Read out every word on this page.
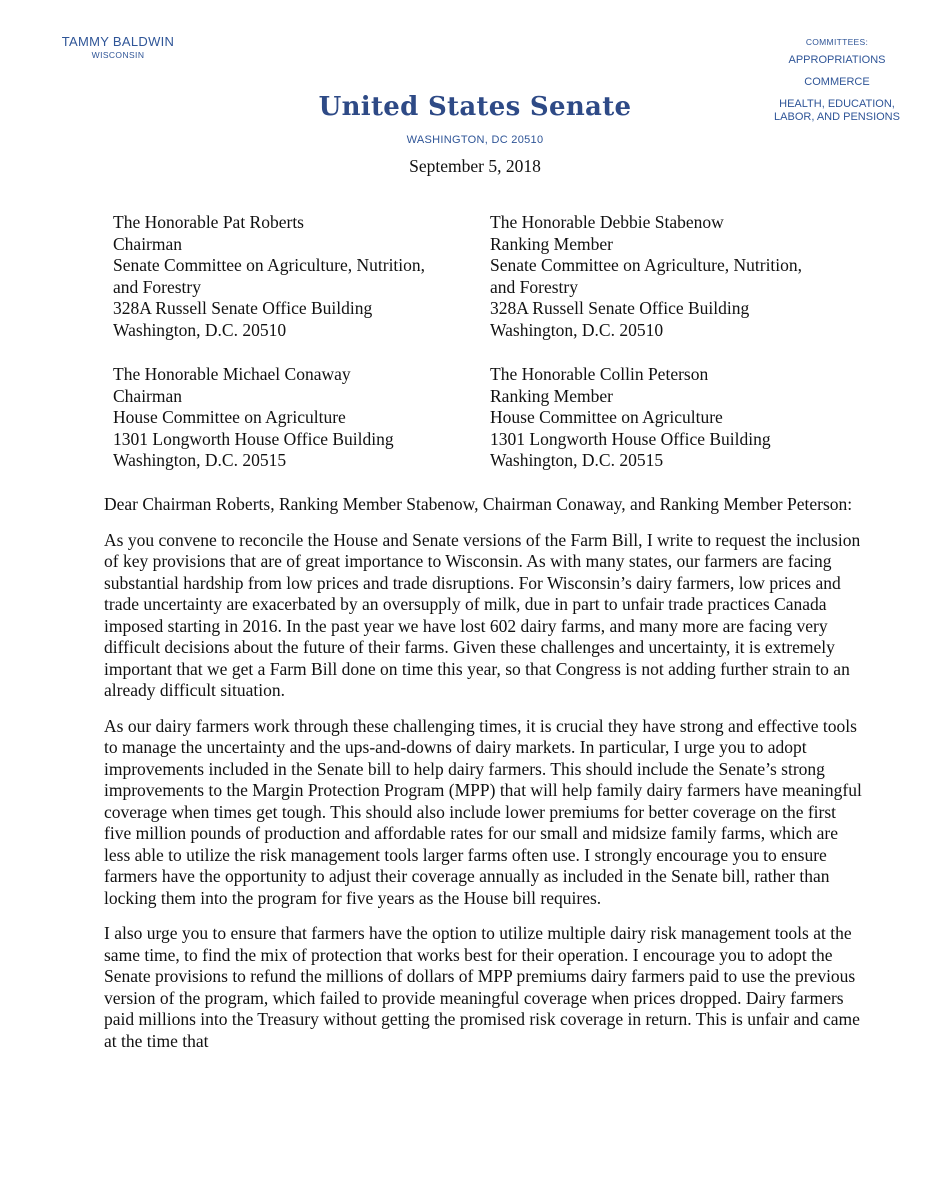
TAMMY BALDWIN
WISCONSIN
United States Senate
WASHINGTON, DC 20510
COMMITTEES:
APPROPRIATIONS
COMMERCE
HEALTH, EDUCATION, LABOR, AND PENSIONS
September 5, 2018
The Honorable Pat Roberts
Chairman
Senate Committee on Agriculture, Nutrition,
and Forestry
328A Russell Senate Office Building
Washington, D.C. 20510
The Honorable Debbie Stabenow
Ranking Member
Senate Committee on Agriculture, Nutrition,
and Forestry
328A Russell Senate Office Building
Washington, D.C. 20510
The Honorable Michael Conaway
Chairman
House Committee on Agriculture
1301 Longworth House Office Building
Washington, D.C. 20515
The Honorable Collin Peterson
Ranking Member
House Committee on Agriculture
1301 Longworth House Office Building
Washington, D.C. 20515

Dear Chairman Roberts, Ranking Member Stabenow, Chairman Conaway, and Ranking Member Peterson:

As you convene to reconcile the House and Senate versions of the Farm Bill, I write to request the inclusion of key provisions that are of great importance to Wisconsin. As with many states, our farmers are facing substantial hardship from low prices and trade disruptions. For Wisconsin’s dairy farmers, low prices and trade uncertainty are exacerbated by an oversupply of milk, due in part to unfair trade practices Canada imposed starting in 2016. In the past year we have lost 602 dairy farms, and many more are facing very difficult decisions about the future of their farms. Given these challenges and uncertainty, it is extremely important that we get a Farm Bill done on time this year, so that Congress is not adding further strain to an already difficult situation.

As our dairy farmers work through these challenging times, it is crucial they have strong and effective tools to manage the uncertainty and the ups-and-downs of dairy markets. In particular, I urge you to adopt improvements included in the Senate bill to help dairy farmers. This should include the Senate’s strong improvements to the Margin Protection Program (MPP) that will help family dairy farmers have meaningful coverage when times get tough. This should also include lower premiums for better coverage on the first five million pounds of production and affordable rates for our small and midsize family farms, which are less able to utilize the risk management tools larger farms often use. I strongly encourage you to ensure farmers have the opportunity to adjust their coverage annually as included in the Senate bill, rather than locking them into the program for five years as the House bill requires.

I also urge you to ensure that farmers have the option to utilize multiple dairy risk management tools at the same time, to find the mix of protection that works best for their operation. I encourage you to adopt the Senate provisions to refund the millions of dollars of MPP premiums dairy farmers paid to use the previous version of the program, which failed to provide meaningful coverage when prices dropped. Dairy farmers paid millions into the Treasury without getting the promised risk coverage in return. This is unfair and came at the time that
